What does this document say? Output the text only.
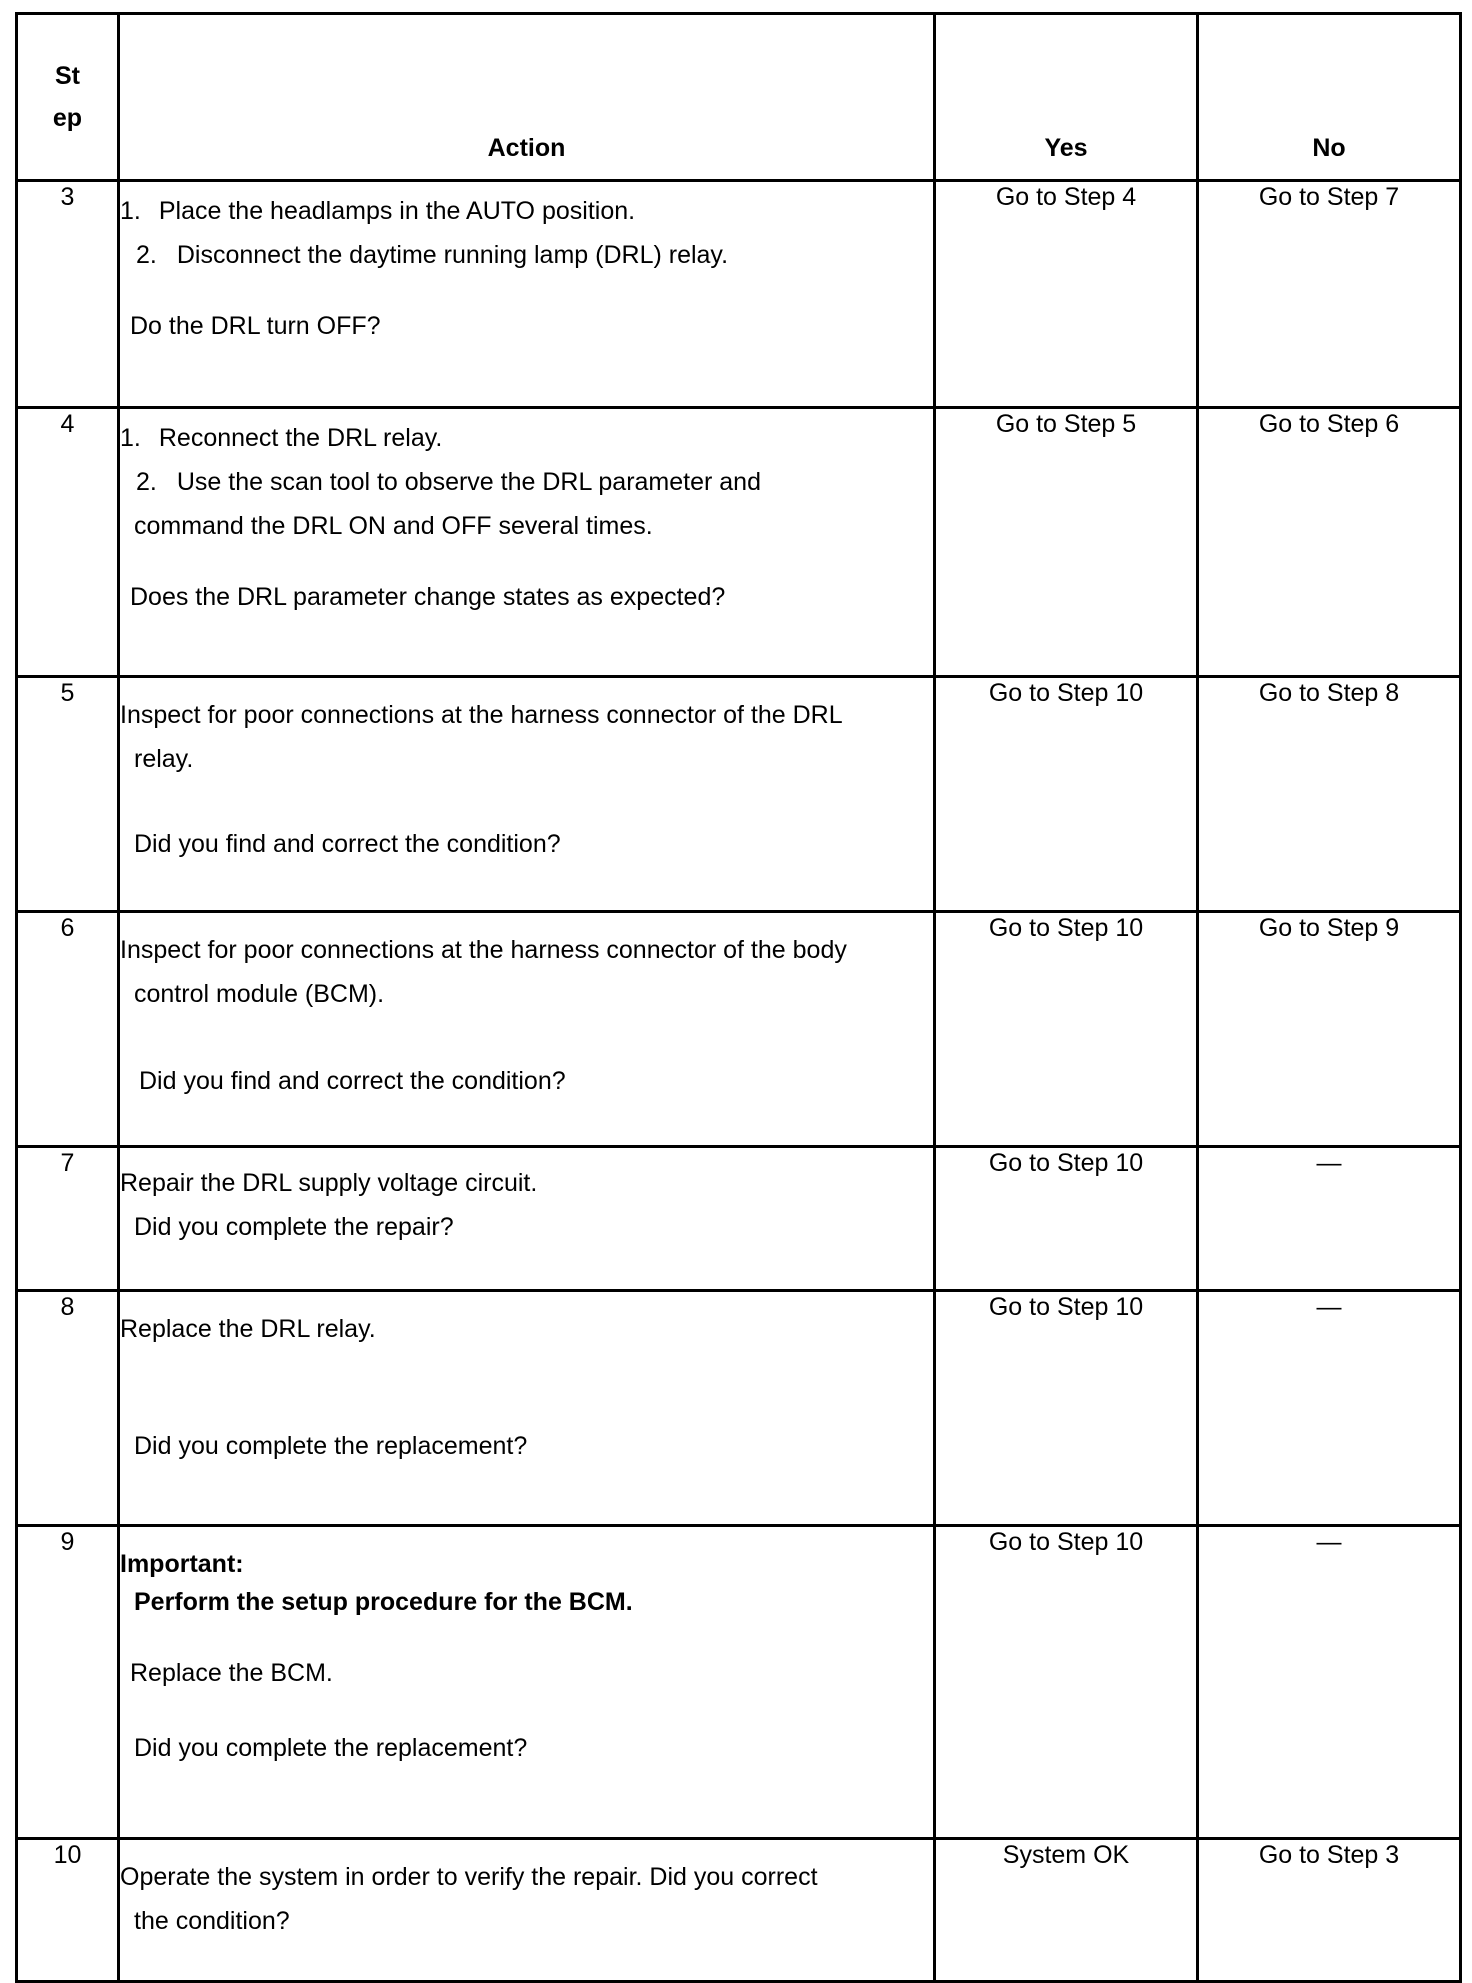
St
ep	Action	Yes	No
3	1. Place the headlamps in the AUTO position.
2. Disconnect the daytime running lamp (DRL) relay.
Do the DRL turn OFF?	Go to Step 4	Go to Step 7
4	1. Reconnect the DRL relay.
2. Use the scan tool to observe the DRL parameter and
command the DRL ON and OFF several times.
Does the DRL parameter change states as expected?	Go to Step 5	Go to Step 6
5	Inspect for poor connections at the harness connector of the DRL
relay.
Did you find and correct the condition?	Go to Step 10	Go to Step 8
6	Inspect for poor connections at the harness connector of the body
control module (BCM).
Did you find and correct the condition?	Go to Step 10	Go to Step 9
7	Repair the DRL supply voltage circuit.
Did you complete the repair?	Go to Step 10	—
8	Replace the DRL relay.
Did you complete the replacement?	Go to Step 10	—
9	Important:
Perform the setup procedure for the BCM.
Replace the BCM.
Did you complete the replacement?	Go to Step 10	—
10	Operate the system in order to verify the repair. Did you correct
the condition?	System OK	Go to Step 3
